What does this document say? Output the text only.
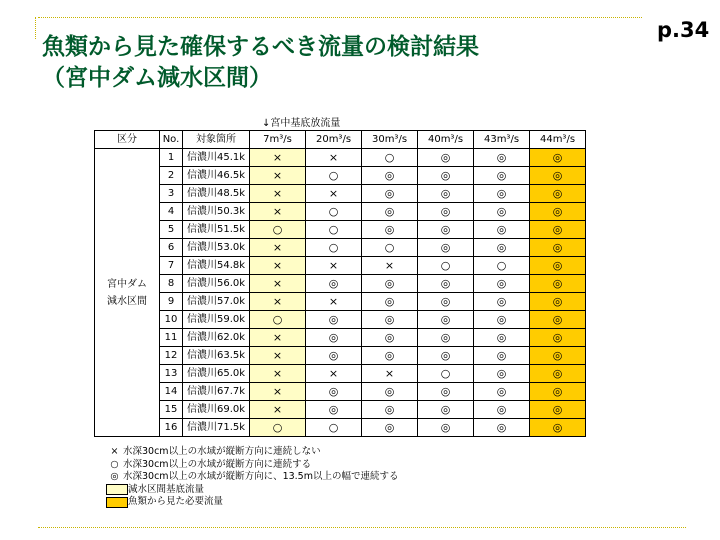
魚類から見た確保するべき流量の検討結果
（宮中ダム減水区間）
p.34
↓宮中基底放流量
区分	No.	対象箇所	7m³/s	20m³/s	30m³/s	40m³/s	43m³/s	44m³/s

宮中ダム
減水区間	1	信濃川45.1k	×	×	○	◎	◎	◎
	2	信濃川46.5k	×	○	◎	◎	◎	◎
	3	信濃川48.5k	×	×	◎	◎	◎	◎
	4	信濃川50.3k	×	○	◎	◎	◎	◎
	5	信濃川51.5k	○	○	◎	◎	◎	◎
	6	信濃川53.0k	×	○	○	◎	◎	◎
	7	信濃川54.8k	×	×	×	○	○	◎
	8	信濃川56.0k	×	◎	◎	◎	◎	◎
	9	信濃川57.0k	×	×	◎	◎	◎	◎
	10	信濃川59.0k	○	◎	◎	◎	◎	◎
	11	信濃川62.0k	×	◎	◎	◎	◎	◎
	12	信濃川63.5k	×	◎	◎	◎	◎	◎
	13	信濃川65.0k	×	×	×	○	◎	◎
	14	信濃川67.7k	×	◎	◎	◎	◎	◎
	15	信濃川69.0k	×	◎	◎	◎	◎	◎
	16	信濃川71.5k	○	○	◎	◎	◎	◎
× 水深30cm以上の水域が縦断方向に連続しない
○ 水深30cm以上の水域が縦断方向に連続する
◎ 水深30cm以上の水域が縦断方向に、13.5m以上の幅で連続する
減水区間基底流量
魚類から見た必要流量
